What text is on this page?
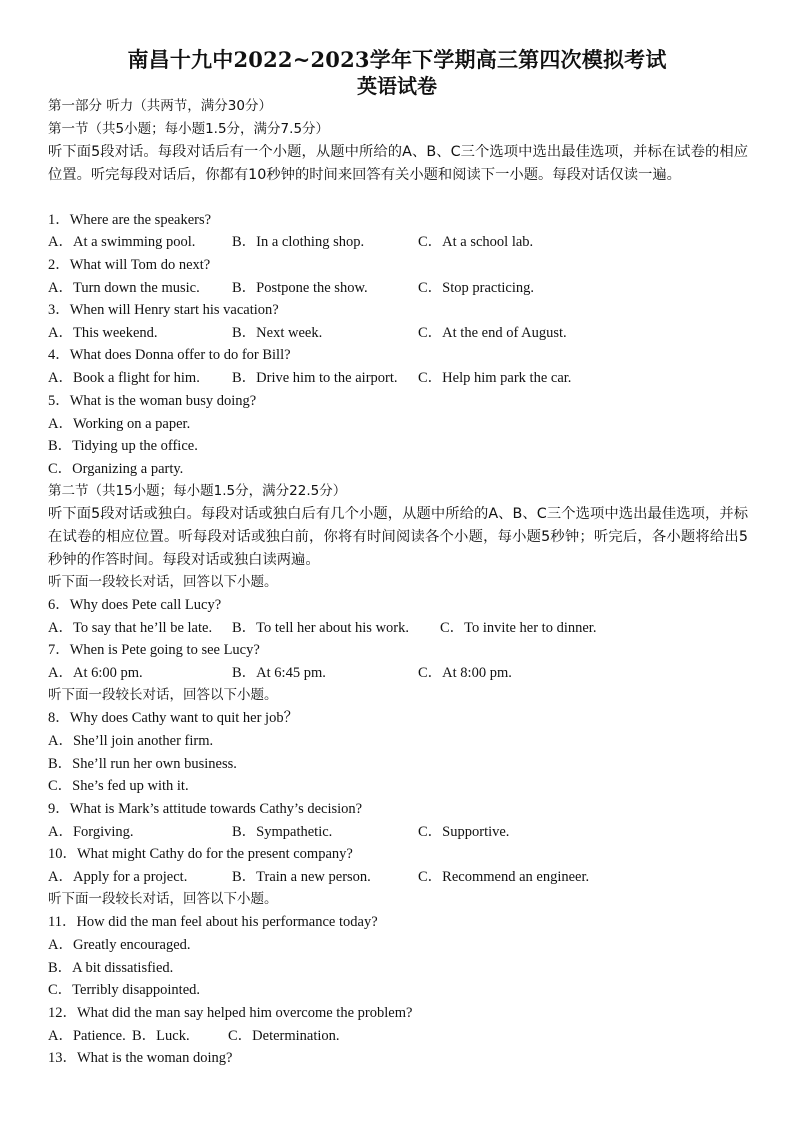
南昌十九中2022~2023学年下学期高三第四次模拟考试
英语试卷
第一部分 听力（共两节，满分30分）
第一节（共5小题；每小题1.5分，满分7.5分）
听下面5段对话。每段对话后有一个小题，从题中所给的A、B、C三个选项中选出最佳选项，并标在试卷的相应位置。听完每段对话后，你都有10秒钟的时间来回答有关小题和阅读下一小题。每段对话仅读一遍。
1．Where are the speakers?
A．At a swimming pool.	B．In a clothing shop.	C．At a school lab.
2．What will Tom do next?
A．Turn down the music. B．Postpone the show.	C．Stop practicing.
3．When will Henry start his vacation?
A．This weekend.	B．Next week.	C．At the end of August.
4．What does Donna offer to do for Bill?
A．Book a flight for him. B．Drive him to the airport. C．Help him park the car.
5．What is the woman busy doing?
A．Working on a paper.
B．Tidying up the office.
C．Organizing a party.
第二节（共15小题；每小题1.5分，满分22.5分）
听下面5段对话或独白。每段对话或独白后有几个小题，从题中所给的A、B、C三个选项中选出最佳选项，并标在试卷的相应位置。听每段对话或独白前，你将有时间阅读各个小题，每小题5秒钟；听完后，各小题将给出5秒钟的作答时间。每段对话或独白读两遍。
听下面一段较长对话，回答以下小题。
6．Why does Pete call Lucy?
A．To say that he’ll be late. B．To tell her about his work. C．To invite her to dinner.
7．When is Pete going to see Lucy?
A．At 6:00 pm.	B．At 6:45 pm.	C．At 8:00 pm.
听下面一段较长对话，回答以下小题。
8．Why does Cathy want to quit her job？
A．She’ll join another firm.
B．She’ll run her own business.
C．She’s fed up with it.
9．What is Mark’s attitude towards Cathy’s decision?
A．Forgiving.	B．Sympathetic.	C．Supportive.
10．What might Cathy do for the present company?
A．Apply for a project.	B．Train a new person.	C．Recommend an engineer.
听下面一段较长对话，回答以下小题。
11．How did the man feel about his performance today?
A．Greatly encouraged.
B．A bit dissatisfied.
C．Terribly disappointed.
12．What did the man say helped him overcome the problem?
A．Patience. B．Luck.	C．Determination.
13．What is the woman doing?
